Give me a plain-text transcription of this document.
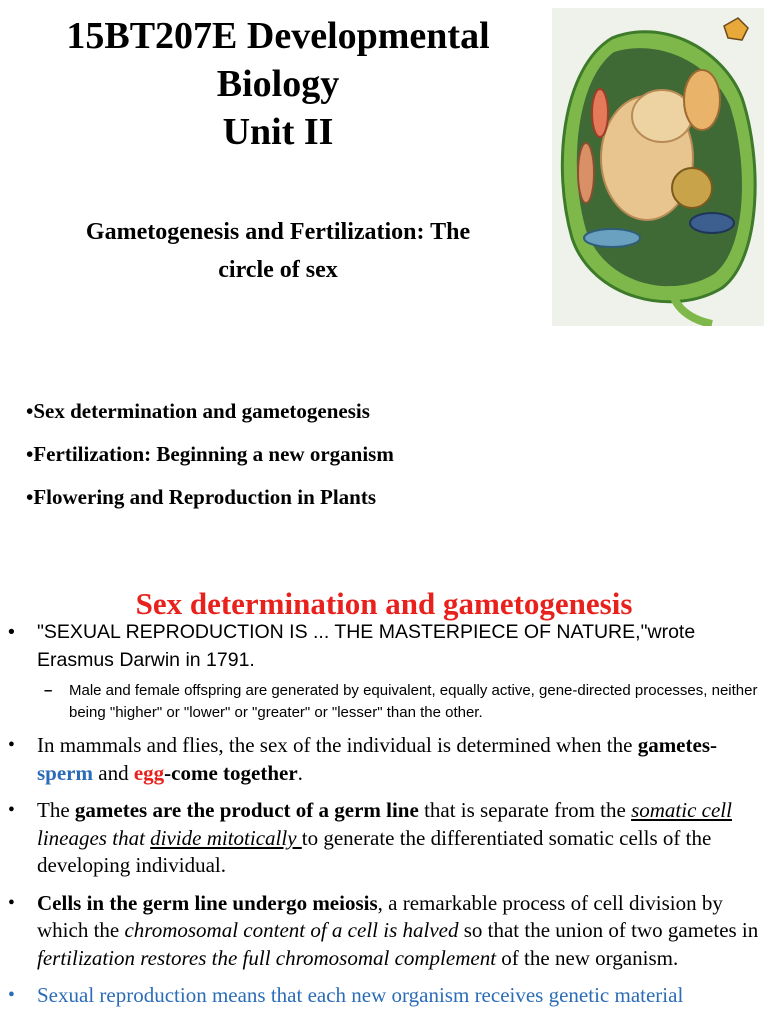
15BT207E Developmental
Biology
Unit II
Gametogenesis and Fertilization: The
circle of sex
•Sex determination and gametogenesis
•Fertilization: Beginning a new organism
•Flowering and Reproduction in Plants
Sex determination and gametogenesis
• "SEXUAL REPRODUCTION IS ... THE MASTERPIECE OF NATURE,"wrote Erasmus Darwin in 1791.
– Male and female offspring are generated by equivalent, equally active, gene-directed processes, neither being "higher" or "lower" or "greater" or "lesser" than the other.
• In mammals and flies, the sex of the individual is determined when the gametes-sperm and egg-come together.
• The gametes are the product of a germ line that is separate from the somatic cell lineages that divide mitotically to generate the differentiated somatic cells of the developing individual.
• Cells in the germ line undergo meiosis, a remarkable process of cell division by which the chromosomal content of a cell is halved so that the union of two gametes in fertilization restores the full chromosomal complement of the new organism.
• Sexual reproduction means that each new organism receives genetic material
